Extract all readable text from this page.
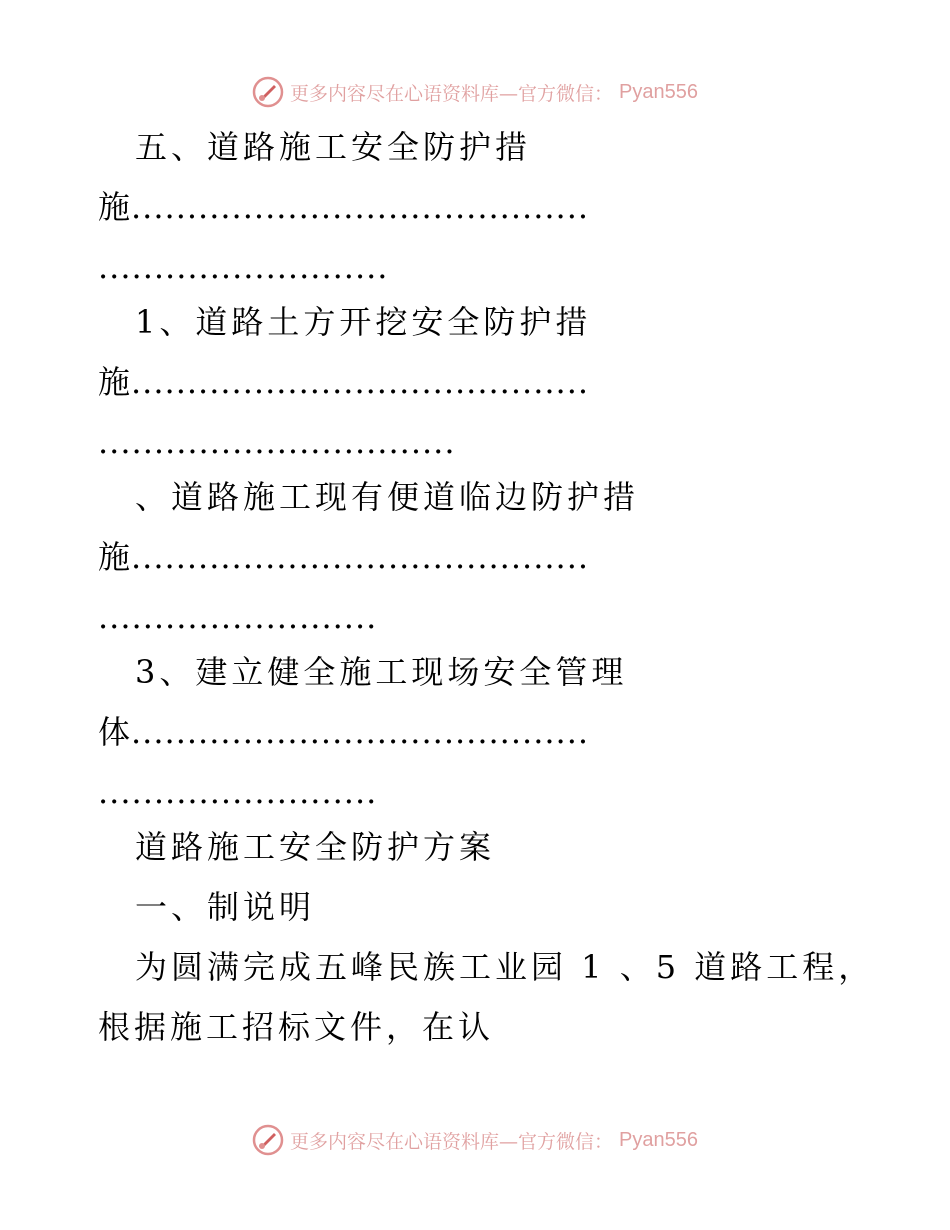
更多内容尽在心语资料库—官方微信： Pyan556
五、道路施工安全防护措
施.........................................
..........................
1、道路土方开挖安全防护措
施.........................................
................................
、道路施工现有便道临边防护措
施.........................................
.........................
3、建立健全施工现场安全管理
体.........................................
.........................
道路施工安全防护方案
一、制说明
为圆满完成五峰民族工业园 1 、5 道路工程，
根据施工招标文件，在认
更多内容尽在心语资料库—官方微信： Pyan556
